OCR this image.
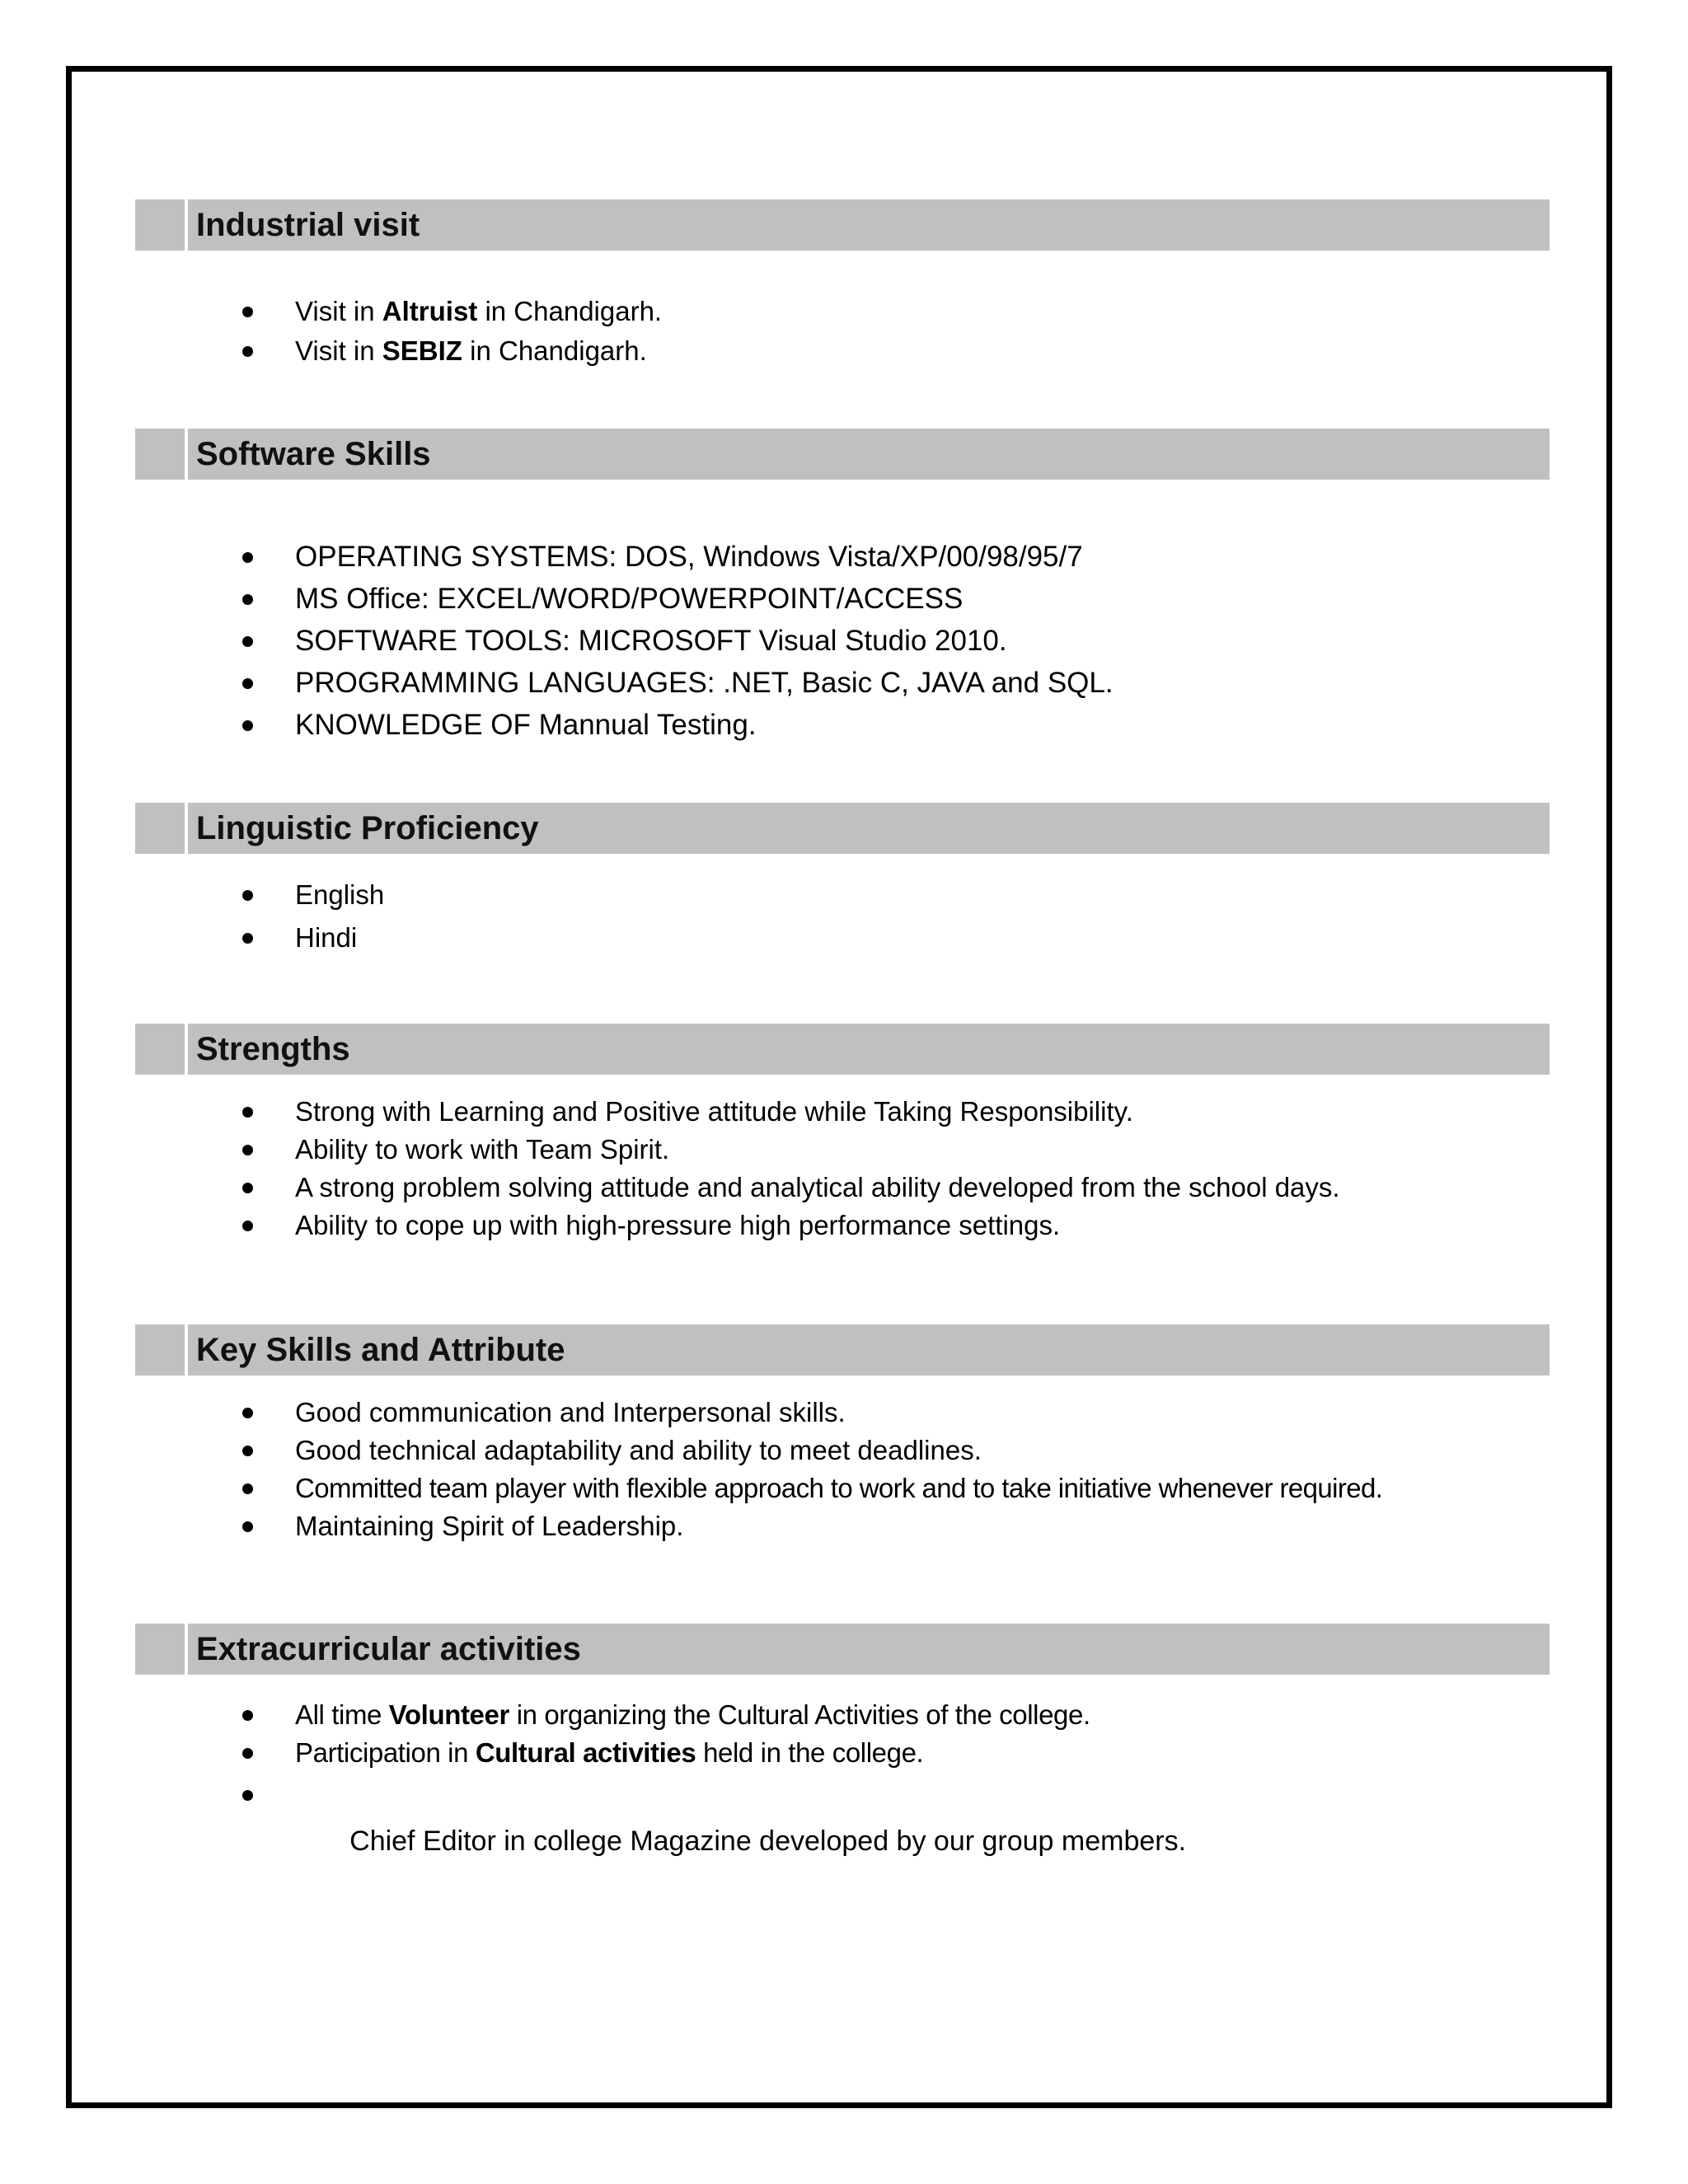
Industrial visit
Visit in Altruist in Chandigarh.
Visit in SEBIZ in Chandigarh.
Software Skills
OPERATING SYSTEMS: DOS, Windows Vista/XP/00/98/95/7
MS Office: EXCEL/WORD/POWERPOINT/ACCESS
SOFTWARE TOOLS: MICROSOFT Visual Studio 2010.
PROGRAMMING LANGUAGES: .NET, Basic C, JAVA and SQL.
KNOWLEDGE OF Mannual Testing.
Linguistic Proficiency
English
Hindi
Strengths
Strong with Learning and Positive attitude while Taking Responsibility.
Ability to work with Team Spirit.
A strong problem solving attitude and analytical ability developed from the school days.
Ability to cope up with high-pressure high performance settings.
Key Skills and Attribute
Good communication and Interpersonal skills.
Good technical adaptability and ability to meet deadlines.
Committed team player with flexible approach to work and to take initiative whenever required.
Maintaining Spirit of Leadership.
Extracurricular activities
All time Volunteer in organizing the Cultural Activities of the college.
Participation in Cultural activities held in the college.

Chief Editor in college Magazine developed by our group members.
